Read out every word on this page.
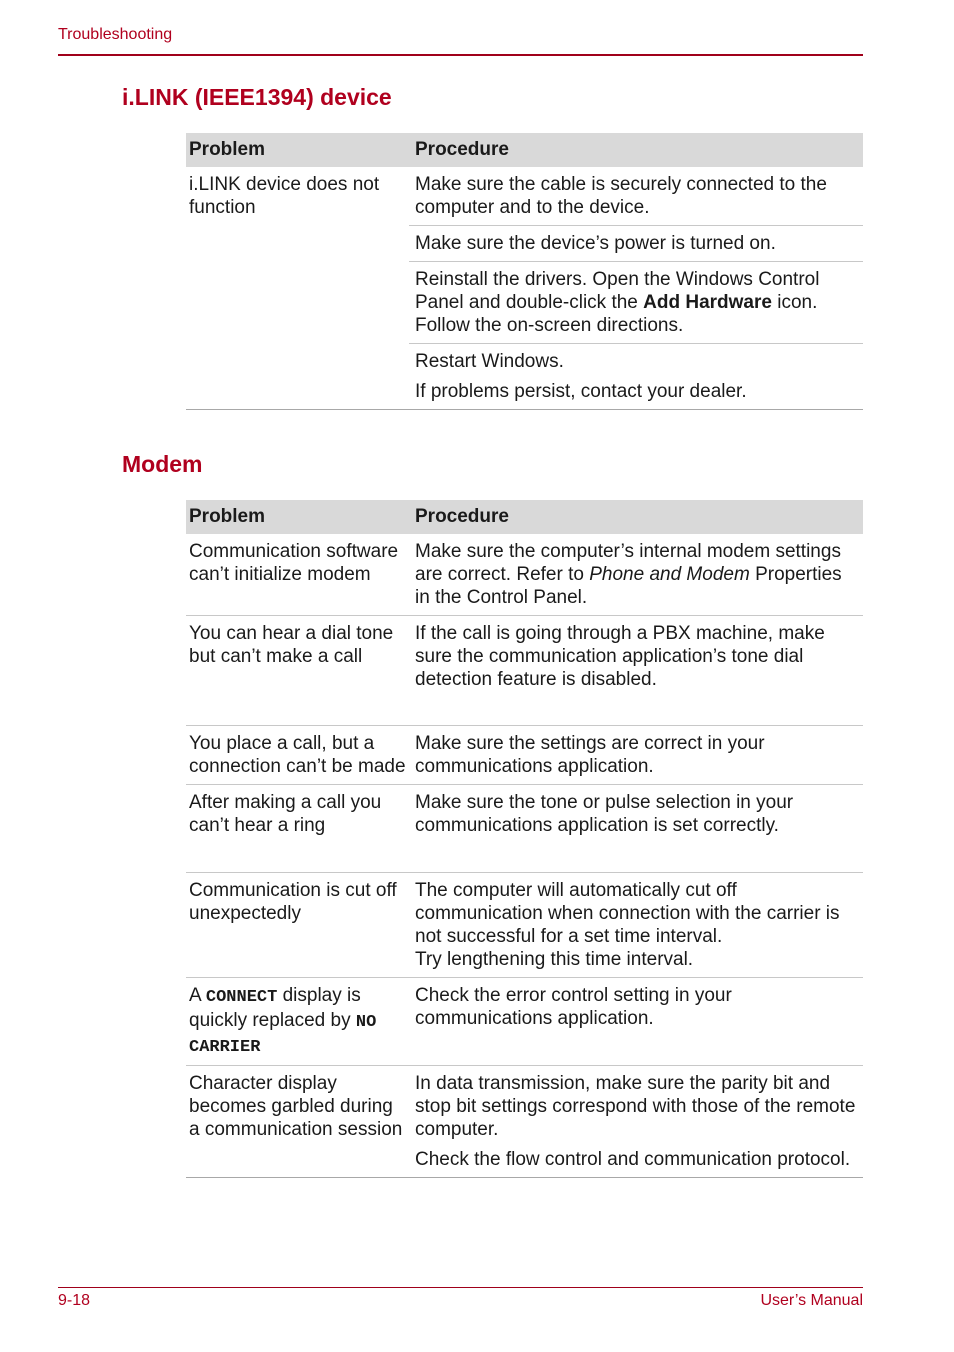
Troubleshooting
i.LINK (IEEE1394) device
Problem	Procedure
i.LINK device does not function	Make sure the cable is securely connected to the computer and to the device.
	Make sure the device’s power is turned on.
	Reinstall the drivers. Open the Windows Control Panel and double-click the Add Hardware icon. Follow the on-screen directions.

	Restart Windows.
If problems persist, contact your dealer.
Modem
Problem	Procedure
Communication software can’t initialize modem	Make sure the computer’s internal modem settings are correct. Refer to Phone and Modem Properties in the Control Panel.
You can hear a dial tone but can’t make a call	If the call is going through a PBX machine, make sure the communication application’s tone dial detection feature is disabled.
You place a call, but a connection can’t be made	Make sure the settings are correct in your communications application.
After making a call you can’t hear a ring	Make sure the tone or pulse selection in your communications application is set correctly.
Communication is cut off unexpectedly	The computer will automatically cut off communication when connection with the carrier is not successful for a set time interval.
Try lengthening this time interval.

A CONNECT display is quickly replaced by NO CARRIER	Check the error control setting in your communications application.
Character display becomes garbled during a communication session	In data transmission, make sure the parity bit and stop bit settings correspond with those of the remote computer.
Check the flow control and communication protocol.
9-18	User’s Manual
